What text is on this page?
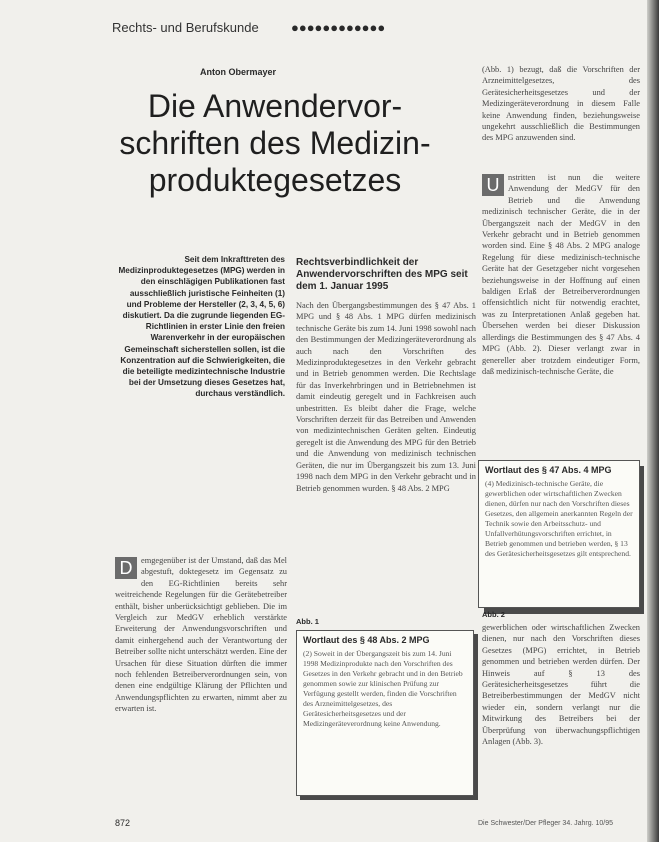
Rechts- und Berufskunde ●●●●●●●●●●●●
Anton Obermayer
Die Anwendervor-
schriften des Medizin-
produktegesetzes
Seit dem Inkrafttreten des Medizinproduktegesetzes (MPG) werden in den einschlägigen Publikationen fast ausschließlich juristische Feinheiten (1) und Probleme der Hersteller (2, 3, 4, 5, 6) diskutiert. Da die zugrunde liegenden EG-Richtlinien in erster Linie den freien Warenverkehr in der europäischen Gemeinschaft sicherstellen sollen, ist die Konzentration auf die Schwierigkeiten, die die beteiligte medizintechnische Industrie bei der Umsetzung dieses Gesetzes hat, durchaus verständlich.
D	emgegenüber ist der Umstand, daß das Mel abgestuft, doktegesetz im Gegensatz zu den EG-Richtlinien bereits sehr weitreichende Regelungen für die Gerätebetreiber enthält, bisher unberücksichtigt geblieben. Die im Vergleich zur MedGV erheblich verstärkte Erweiterung der Anwendungsvorschriften und damit einhergehend auch der Verantwortung der Betreiber sollte nicht unterschätzt werden. Eine der Ursachen für diese Situation dürften die immer noch fehlenden Betreiberverordnungen sein, von denen eine endgültige Klärung der Pflichten und Anwendungspflichten zu erwarten, nimmt aber zu erwarten ist.
Rechtsverbindlichkeit der Anwendervorschriften des MPG seit dem 1. Januar 1995
Nach den Übergangsbestimmungen des § 47 Abs. 1 MPG und § 48 Abs. 1 MPG dürfen medizinisch technische Geräte bis zum 14. Juni 1998 sowohl nach den Bestimmungen der Medizingeräteverordnung als auch nach den Vorschriften des Medizinproduktegesetzes in den Verkehr gebracht und in Betrieb genommen werden. Die Rechtslage für das Inverkehrbringen und in Betriebnehmen ist damit eindeutig geregelt und in Fachkreisen auch unbestritten. Es bleibt daher die Frage, welche Vorschriften derzeit für das Betreiben und Anwenden von medizintechnischen Geräten gelten. Eindeutig geregelt ist die Anwendung des MPG für den Betrieb und die Anwendung von medizinisch technischen Geräten, die nur im Übergangszeit bis zum 13. Juni 1998 nach dem MPG in den Verkehr gebracht und in Betrieb genommen wurden. § 48 Abs. 2 MPG
(Abb. 1) bezugt, daß die Vorschriften der Arzneimittelgesetzes, des Gerätesicherheitsgesetzes und der Medizingeräteverordnung in diesem Falle keine Anwendung finden, beziehungsweise ungekehrt ausschließlich die Bestimmungen des MPG anzuwenden sind.
U	nstritten ist nun die weitere Anwendung der MedGV für den Betrieb und die Anwendung medizinisch technischer Geräte, die in der Übergangszeit nach der MedGV in den Verkehr gebracht und in Betrieb genommen worden sind. Eine § 48 Abs. 2 MPG analoge Regelung für diese medizinisch-technische Geräte hat der Gesetzgeber nicht vorgesehen beziehungsweise in der Hoffnung auf einen baldigen Erlaß der Betreiberverordnungen offensichtlich nicht für notwendig erachtet, was zu Interpretationen Anlaß gegeben hat. Übersehen werden bei dieser Diskussion allerdings die Bestimmungen des § 47 Abs. 4 MPG (Abb. 2). Dieser verlangt zwar in genereller aber trotzdem eindeutiger Form, daß medizinisch-technische Geräte, die
Abb. 1
Wortlaut des § 48 Abs. 2 MPG
(2) Soweit in der Übergangszeit bis zum 14. Juni 1998 Medizinprodukte nach den Vorschriften des Gesetzes in den Verkehr gebracht und in den Betrieb genommen sowie zur klinischen Prüfung zur Verfügung gestellt werden, finden die Vorschriften des Arzneimittelgesetzes, des Gerätesicherheitsgesetzes und der Medizingeräteverordnung keine Anwendung.
Wortlaut des § 47 Abs. 4 MPG
(4) Medizinisch-technische Geräte, die gewerblichen oder wirtschaftlichen Zwecken dienen, dürfen nur nach den Vorschriften dieses Gesetzes, den allgemein anerkannten Regeln der Technik sowie den Arbeitsschutz- und Unfallverhütungsvorschriften errichtet, in Betrieb genommen und betrieben werden, § 13 des Gerätesicherheitsgesetzes gilt entsprechend.
Abb. 2
gewerblichen oder wirtschaftlichen Zwecken dienen, nur nach den Vorschriften dieses Gesetzes (MPG) errichtet, in Betrieb genommen und betrieben werden dürfen. Der Hinweis auf § 13 des Gerätesicherheitsgesetzes führt die Betreiberbestimmungen der MedGV nicht wieder ein, sondern verlangt nur die Mitwirkung des Betreibers bei der Überprüfung von überwachungspflichtigen Anlagen (Abb. 3).
872	Die Schwester/Der Pfleger 34. Jahrg. 10/95
